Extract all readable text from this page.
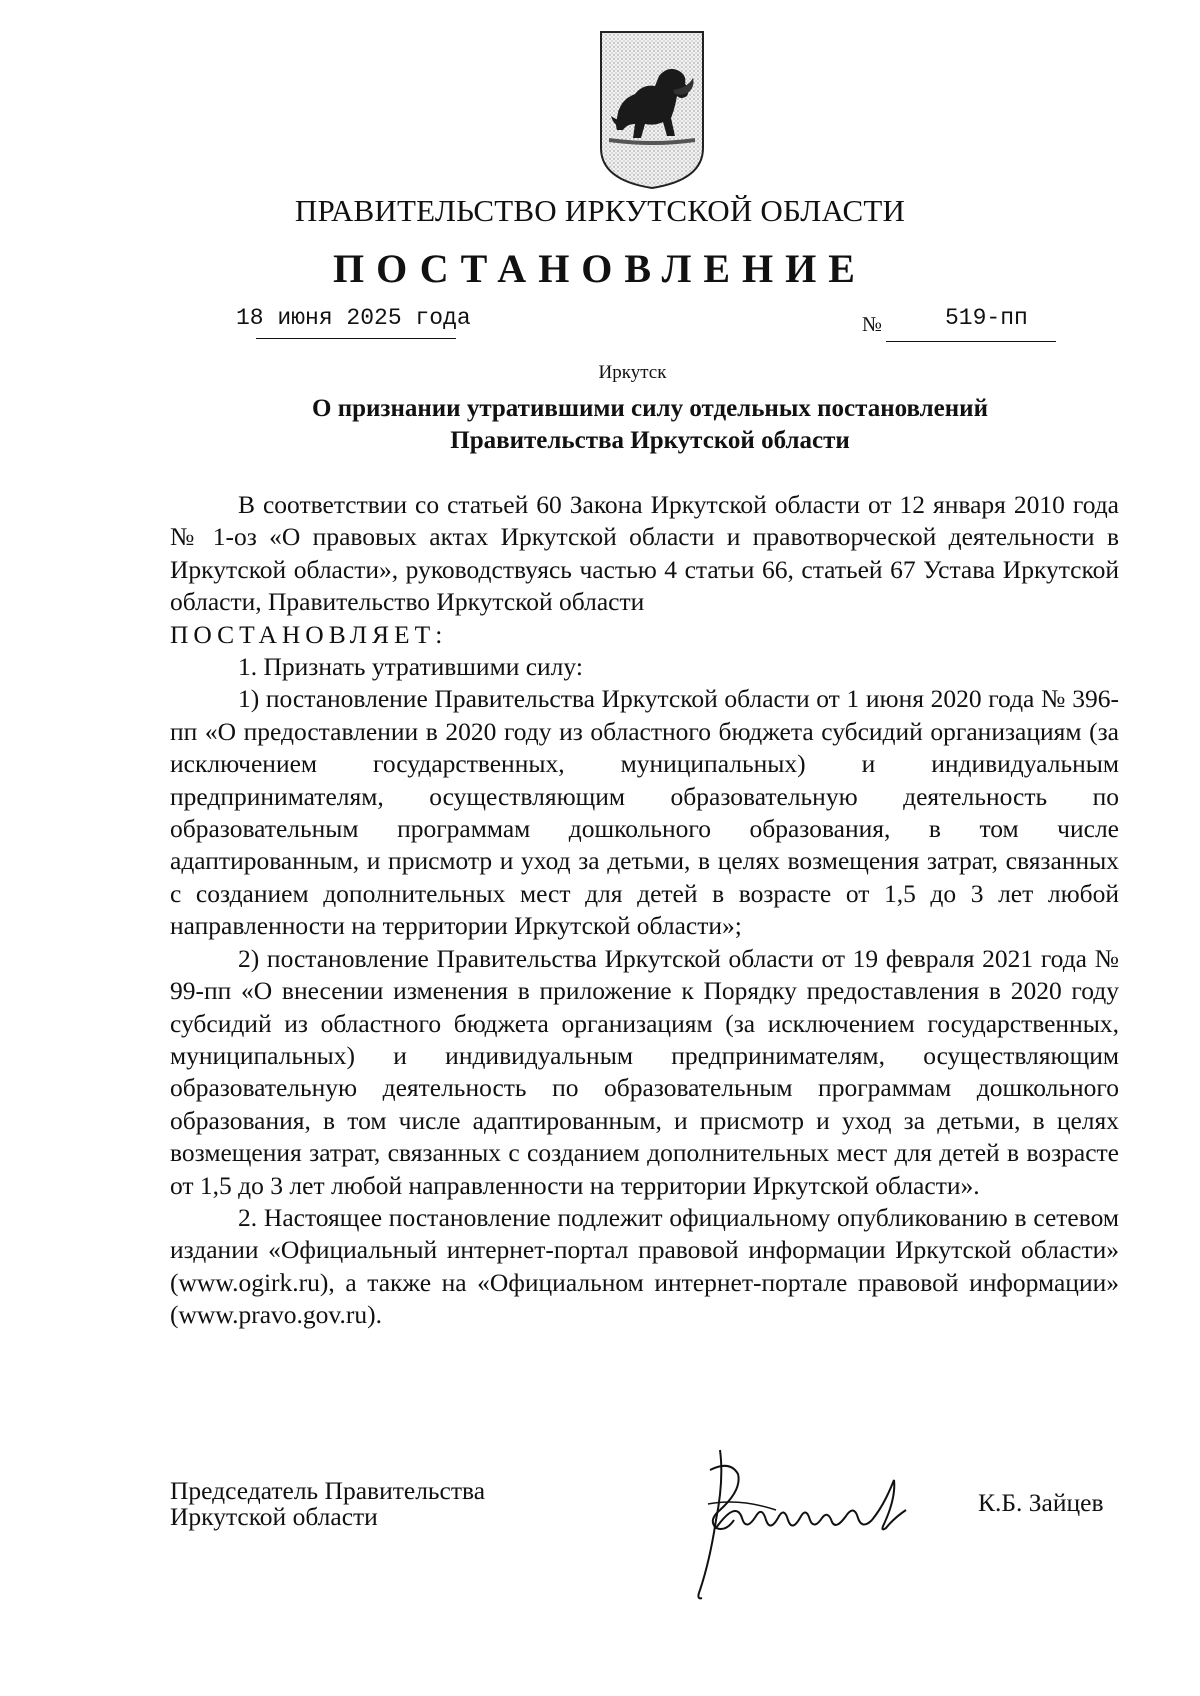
ПРАВИТЕЛЬСТВО ИРКУТСКОЙ ОБЛАСТИ
ПОСТАНОВЛЕНИЕ
18 июня 2025 года	№	519-пп
Иркутск
О признании утратившими силу отдельных постановлений
Правительства Иркутской области

В соответствии со статьей 60 Закона Иркутской области от 12 января 2010 года № 1-оз «О правовых актах Иркутской области и правотворческой деятельности в Иркутской области», руководствуясь частью 4 статьи 66, статьей 67 Устава Иркутской области, Правительство Иркутской области

ПОСТАНОВЛЯЕТ:

1. Признать утратившими силу:

1) постановление Правительства Иркутской области от 1 июня 2020 года № 396-пп «О предоставлении в 2020 году из областного бюджета субсидий организациям (за исключением государственных, муниципальных) и индивидуальным предпринимателям, осуществляющим образовательную деятельность по образовательным программам дошкольного образования, в том числе адаптированным, и присмотр и уход за детьми, в целях возмещения затрат, связанных с созданием дополнительных мест для детей в возрасте от 1,5 до 3 лет любой направленности на территории Иркутской области»;

2) постановление Правительства Иркутской области от 19 февраля 2021 года № 99-пп «О внесении изменения в приложение к Порядку предоставления в 2020 году субсидий из областного бюджета организациям (за исключением государственных, муниципальных) и индивидуальным предпринимателям, осуществляющим образовательную деятельность по образовательным программам дошкольного образования, в том числе адаптированным, и присмотр и уход за детьми, в целях возмещения затрат, связанных с созданием дополнительных мест для детей в возрасте от 1,5 до 3 лет любой направленности на территории Иркутской области».

2. Настоящее постановление подлежит официальному опубликованию в сетевом издании «Официальный интернет-портал правовой информации Иркутской области» (www.ogirk.ru), а также на «Официальном интернет-портале правовой информации» (www.pravo.gov.ru).

Председатель Правительства
Иркутской области	К.Б. Зайцев
